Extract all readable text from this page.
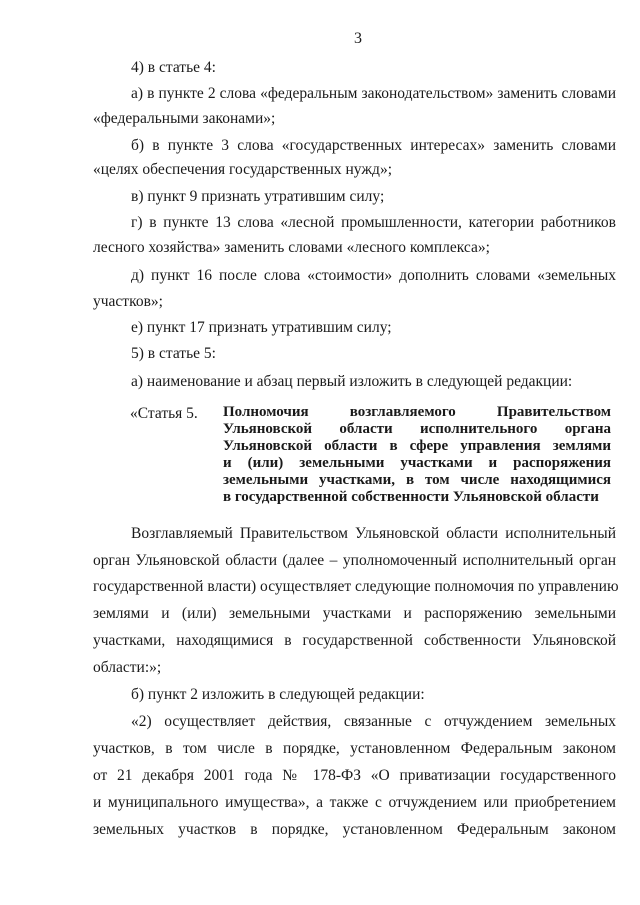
3
4) в статье 4:
а) в пункте 2 слова «федеральным законодательством» заменить словами
«федеральными законами»;
б) в пункте 3 слова «государственных интересах» заменить словами
«целях обеспечения государственных нужд»;
в) пункт 9 признать утратившим силу;
г) в пункте 13 слова «лесной промышленности, категории работников
лесного хозяйства» заменить словами «лесного комплекса»;
д) пункт 16 после слова «стоимости» дополнить словами «земельных
участков»;
е) пункт 17 признать утратившим силу;
5) в статье 5:
а) наименование и абзац первый изложить в следующей редакции:
«Статья 5. Полномочия возглавляемого Правительством
Ульяновской области исполнительного органа
Ульяновской области в сфере управления землями
и (или) земельными участками и распоряжения
земельными участками, в том числе находящимися
в государственной собственности Ульяновской области
Возглавляемый Правительством Ульяновской области исполнительный
орган Ульяновской области (далее – уполномоченный исполнительный орган
государственной власти) осуществляет следующие полномочия по управлению
землями и (или) земельными участками и распоряжению земельными
участками, находящимися в государственной собственности Ульяновской
области:»;
б) пункт 2 изложить в следующей редакции:
«2) осуществляет действия, связанные с отчуждением земельных
участков, в том числе в порядке, установленном Федеральным законом
от 21 декабря 2001 года № 178-ФЗ «О приватизации государственного
и муниципального имущества», а также с отчуждением или приобретением
земельных участков в порядке, установленном Федеральным законом
